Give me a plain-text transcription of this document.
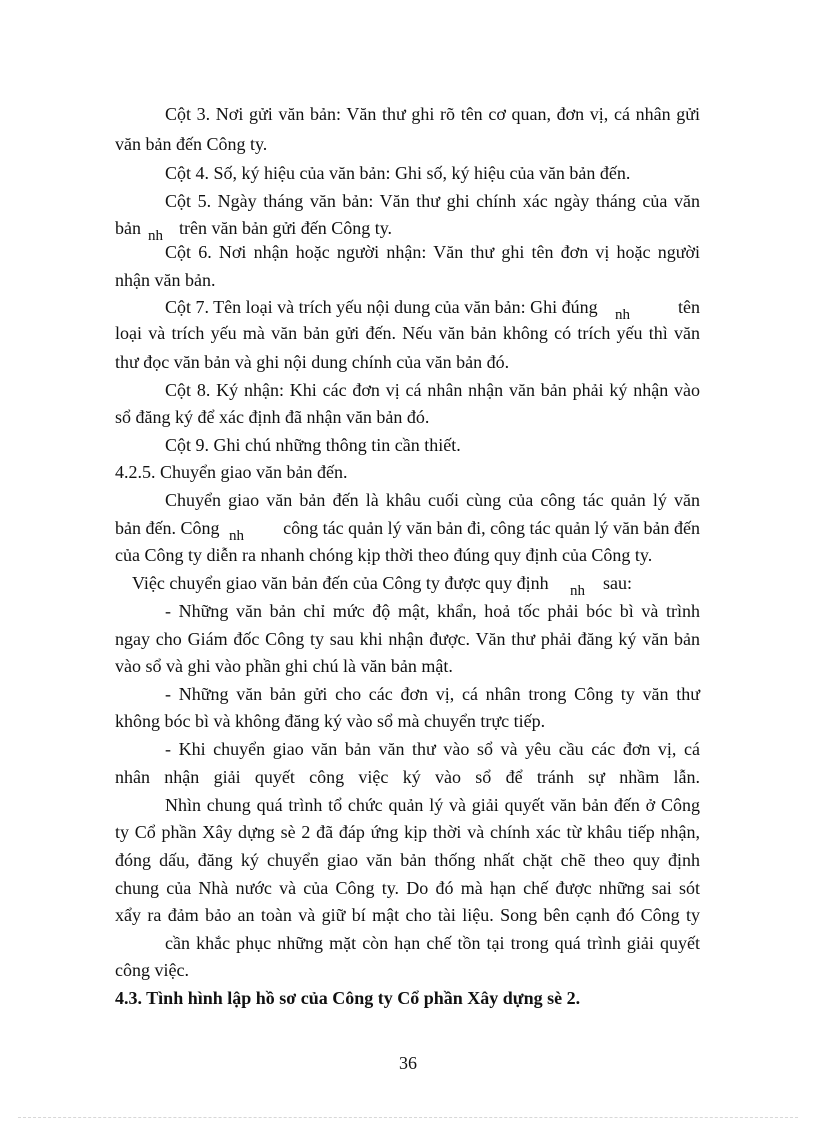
Cột 3. Nơi gửi văn bản: Văn thư ghi rõ tên cơ quan, đơn vị, cá nhân gửi
văn bản đến Công ty.
Cột 4. Số, ký hiệu của văn bản: Ghi số, ký hiệu của văn bản đến.
Cột 5. Ngày tháng văn bản: Văn thư ghi chính xác ngày tháng của văn
bản nh trên văn bản gửi đến Công ty.
Cột 6. Nơi nhận hoặc người nhận: Văn thư ghi tên đơn vị hoặc người
nhận văn bản.
Cột 7. Tên loại và trích yếu nội dung của văn bản: Ghi đúng nh	tên
loại và trích yếu mà văn bản gửi đến. Nếu văn bản không có trích yếu thì văn
thư đọc văn bản và ghi nội dung chính của văn bản đó.
Cột 8. Ký nhận: Khi các đơn vị cá nhân nhận văn bản phải ký nhận vào
sổ đăng ký để xác định đã nhận văn bản đó.
Cột 9. Ghi chú những thông tin cần thiết.
4.2.5. Chuyển giao văn bản đến.
Chuyển giao văn bản đến là khâu cuối cùng của công tác quản lý văn
bản đến. Công nh công tác quản lý văn bản đi, công tác quản lý văn bản đến
của Công ty diễn ra nhanh chóng kịp thời theo đúng quy định của Công ty.
Việc chuyển giao văn bản đến của Công ty được quy định nh sau:
- Những văn bản chỉ mức độ mật, khẩn, hoả tốc phải bóc bì và trình
ngay cho Giám đốc Công ty sau khi nhận được. Văn thư phải đăng ký văn bản
vào sổ và ghi vào phần ghi chú là văn bản mật.
- Những văn bản gửi cho các đơn vị, cá nhân trong Công ty văn thư
không bóc bì và không đăng ký vào sổ mà chuyển trực tiếp.
- Khi chuyển giao văn bản văn thư vào sổ và yêu cầu các đơn vị, cá
nhân nhận giải quyết công việc ký vào sổ để tránh sự nhầm lẫn.
Nhìn chung quá trình tổ chức quản lý và giải quyết văn bản đến ở Công
ty Cổ phần Xây dựng sè 2 đã đáp ứng kịp thời và chính xác từ khâu tiếp nhận,
đóng dấu, đăng ký chuyển giao văn bản thống nhất chặt chẽ theo quy định
chung của Nhà nước và của Công ty. Do đó mà hạn chế được những sai sót
xẩy ra đảm bảo an toàn và giữ bí mật cho tài liệu. Song bên cạnh đó Công ty
cần khắc phục những mặt còn hạn chế tồn tại trong quá trình giải quyết
công việc.
4.3. Tình hình lập hồ sơ của Công ty Cổ phần Xây dựng sè 2.
36
